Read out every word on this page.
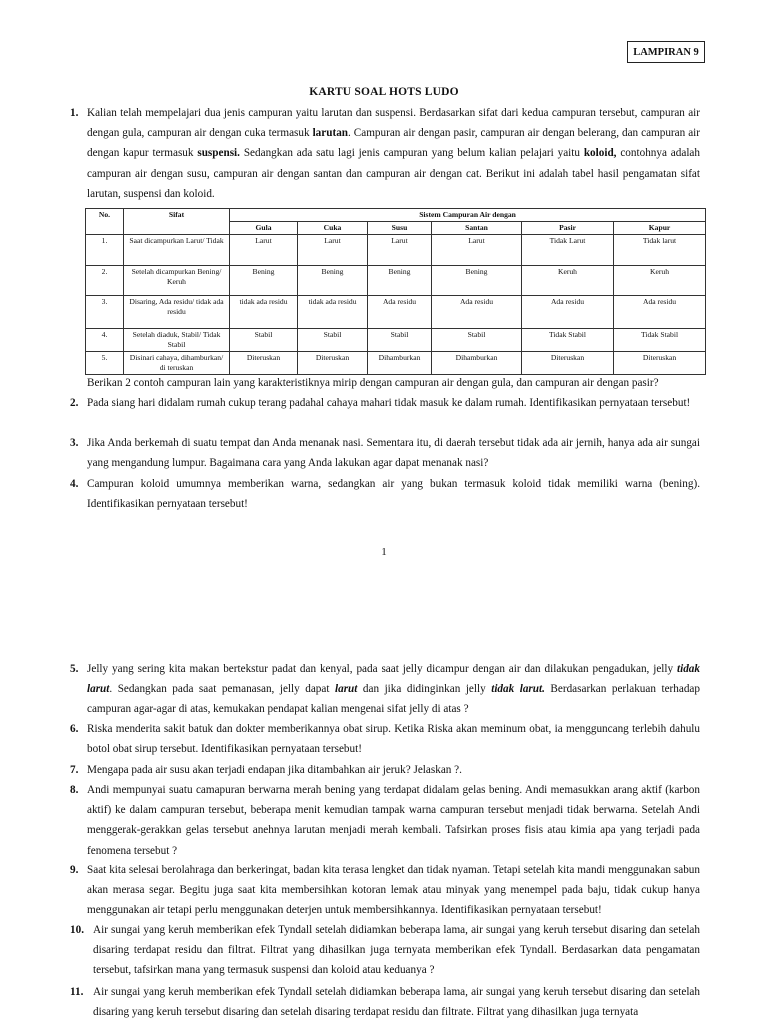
LAMPIRAN 9
KARTU SOAL HOTS LUDO
1. Kalian telah mempelajari dua jenis campuran yaitu larutan dan suspensi. Berdasarkan sifat dari kedua campuran tersebut, campuran air dengan gula, campuran air dengan cuka termasuk larutan. Campuran air dengan pasir, campuran air dengan belerang, dan campuran air dengan kapur termasuk suspensi. Sedangkan ada satu lagi jenis campuran yang belum kalian pelajari yaitu koloid, contohnya adalah campuran air dengan susu, campuran air dengan santan dan campuran air dengan cat. Berikut ini adalah tabel hasil pengamatan sifat larutan, suspensi dan koloid.
No.	Sifat	Sistem Campuran Air dengan					
		Gula	Cuka	Susu	Santan	Pasir	Kapur
1.	Saat dicampurkan Larut/ Tidak	Larut	Larut	Larut	Larut	Tidak Larut	Tidak larut
2.	Setelah dicampurkan Bening/ Keruh	Bening	Bening	Bening	Bening	Keruh	Keruh
3.	Disaring, Ada residu/ tidak ada residu	tidak ada residu	tidak ada residu	Ada residu	Ada residu	Ada residu	Ada residu
4.	Setelah diaduk, Stabil/ Tidak Stabil	Stabil	Stabil	Stabil	Stabil	Tidak Stabil	Tidak Stabil
5.	Disinari cahaya, dihamburkan/ di teruskan	Diteruskan	Diteruskan	Dihamburkan	Dihamburkan	Diteruskan	Diteruskan
Berikan 2 contoh campuran lain yang karakteristiknya mirip dengan campuran air dengan gula, dan campuran air dengan pasir?
2. Pada siang hari didalam rumah cukup terang padahal cahaya mahari tidak masuk ke dalam rumah. Identifikasikan pernyataan tersebut!
3. Jika Anda berkemah di suatu tempat dan Anda menanak nasi. Sementara itu, di daerah tersebut tidak ada air jernih, hanya ada air sungai yang mengandung lumpur. Bagaimana cara yang Anda lakukan agar dapat menanak nasi?
4. Campuran koloid umumnya memberikan warna, sedangkan air yang bukan termasuk koloid tidak memiliki warna (bening). Identifikasikan pernyataan tersebut!
1
5. Jelly yang sering kita makan bertekstur padat dan kenyal, pada saat jelly dicampur dengan air dan dilakukan pengadukan, jelly tidak larut. Sedangkan pada saat pemanasan, jelly dapat larut dan jika didinginkan jelly tidak larut. Berdasarkan perlakuan terhadap campuran agar-agar di atas, kemukakan pendapat kalian mengenai sifat jelly di atas ?
6. Riska menderita sakit batuk dan dokter memberikannya obat sirup. Ketika Riska akan meminum obat, ia mengguncang terlebih dahulu botol obat sirup tersebut. Identifikasikan pernyataan tersebut!
7. Mengapa pada air susu akan terjadi endapan jika ditambahkan air jeruk? Jelaskan ?.
8. Andi mempunyai suatu camapuran berwarna merah bening yang terdapat didalam gelas bening. Andi memasukkan arang aktif (karbon aktif) ke dalam campuran tersebut, beberapa menit kemudian tampak warna campuran tersebut menjadi tidak berwarna. Setelah Andi menggerak-gerakkan gelas tersebut anehnya larutan menjadi merah kembali. Tafsirkan proses fisis atau kimia apa yang terjadi pada fenomena tersebut ?
9. Saat kita selesai berolahraga dan berkeringat, badan kita terasa lengket dan tidak nyaman. Tetapi setelah kita mandi menggunakan sabun akan merasa segar. Begitu juga saat kita membersihkan kotoran lemak atau minyak yang menempel pada baju, tidak cukup hanya menggunakan air tetapi perlu menggunakan deterjen untuk membersihkannya. Identifikasikan pernyataan tersebut!
10. Air sungai yang keruh memberikan efek Tyndall setelah didiamkan beberapa lama, air sungai yang keruh tersebut disaring dan setelah disaring terdapat residu dan filtrat. Filtrat yang dihasilkan juga ternyata memberikan efek Tyndall. Berdasarkan data pengamatan tersebut, tafsirkan mana yang termasuk suspensi dan koloid atau keduanya ?
11. Air sungai yang keruh memberikan efek Tyndall setelah didiamkan beberapa lama, air sungai yang keruh tersebut disaring dan setelah disaring yang keruh tersebut disaring dan setelah disaring terdapat residu dan filtrate. Filtrat yang dihasilkan juga ternyata
